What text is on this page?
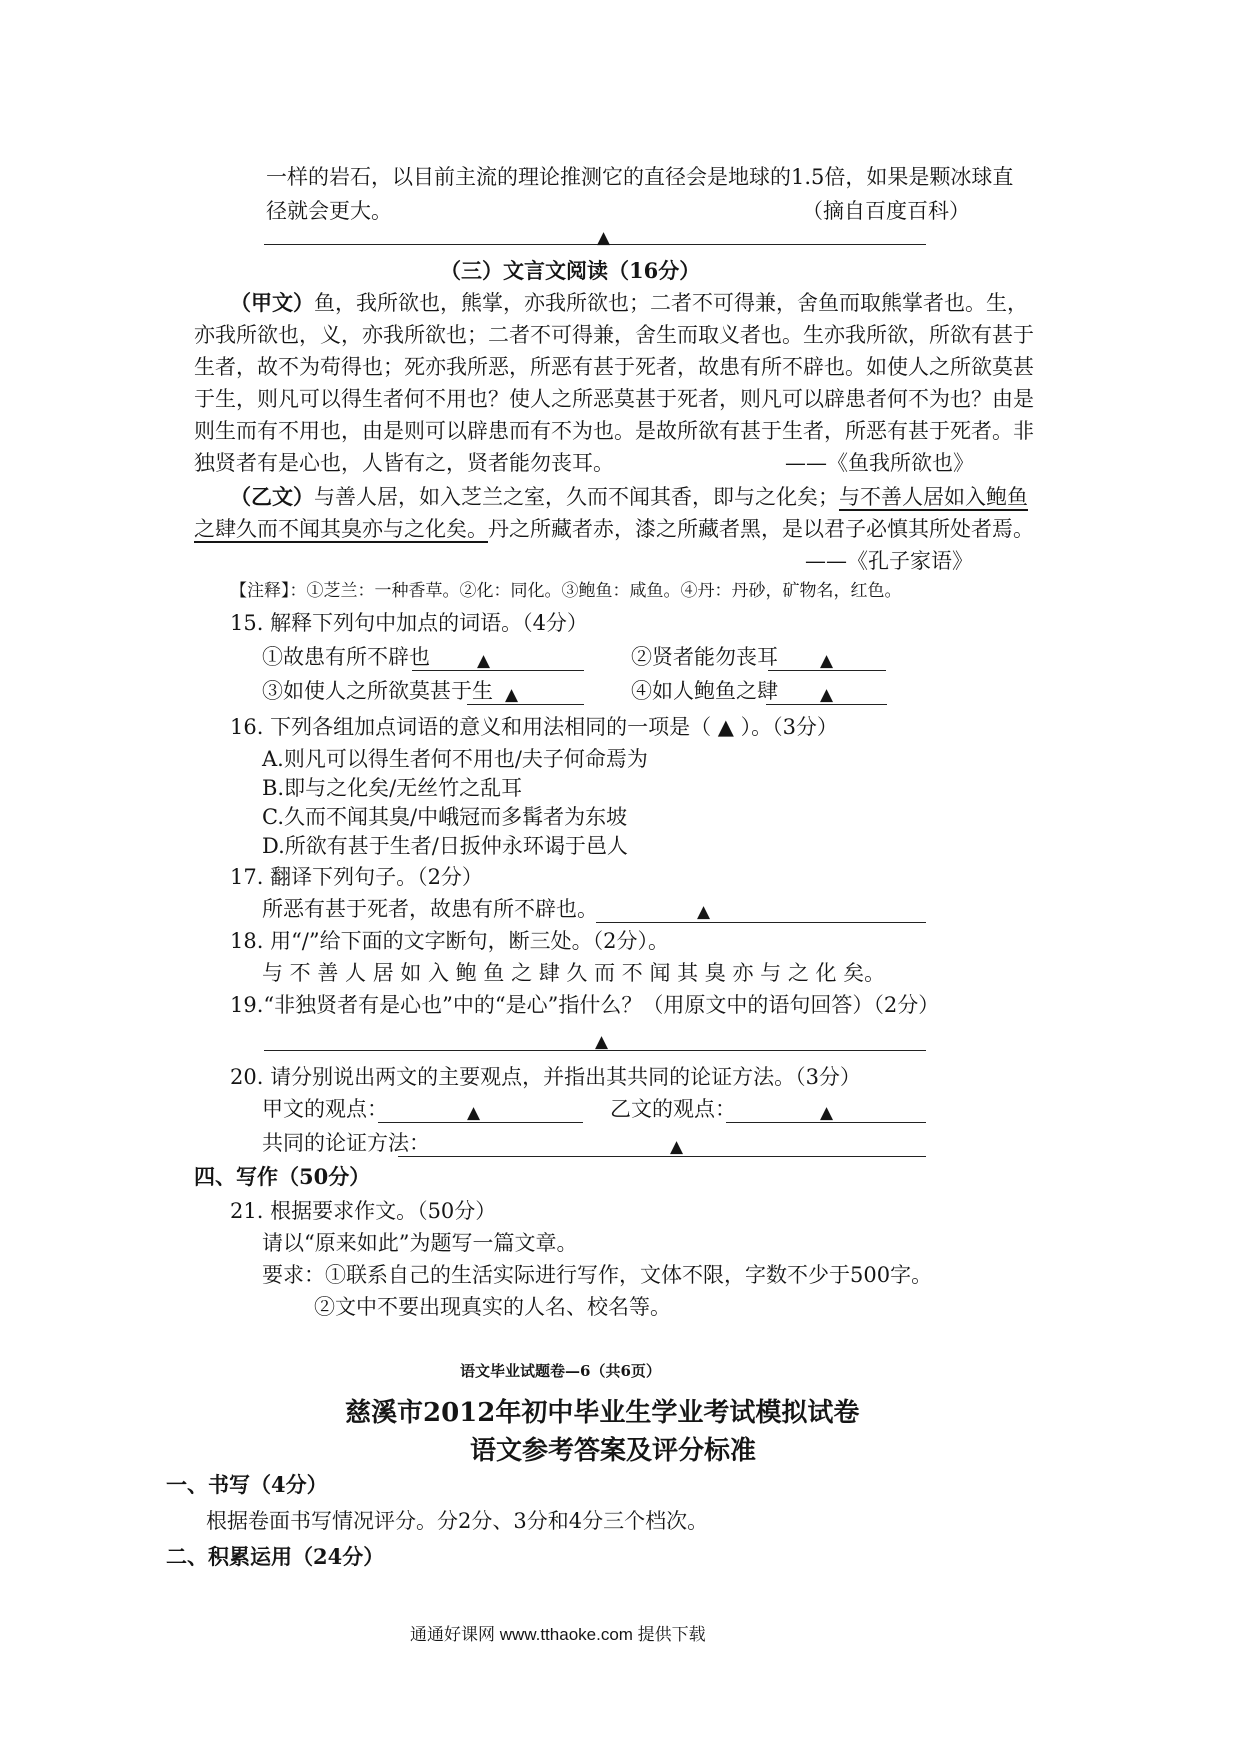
一样的岩石，以目前主流的理论推测它的直径会是地球的1.5倍，如果是颗冰球直
径就会更大。	（摘自百度百科）
▲
（三）文言文阅读（16分）
（甲文）鱼，我所欲也，熊掌，亦我所欲也；二者不可得兼，舍鱼而取熊掌者也。生，
亦我所欲也，义，亦我所欲也；二者不可得兼，舍生而取义者也。生亦我所欲，所欲有甚于
生者，故不为苟得也；死亦我所恶，所恶有甚于死者，故患有所不辟也。如使人之所欲莫甚
于生，则凡可以得生者何不用也？使人之所恶莫甚于死者，则凡可以辟患者何不为也？由是
则生而有不用也，由是则可以辟患而有不为也。是故所欲有甚于生者，所恶有甚于死者。非
独贤者有是心也，人皆有之，贤者能勿丧耳。	——《鱼我所欲也》
（乙文）与善人居，如入芝兰之室，久而不闻其香，即与之化矣；与不善人居如入鲍鱼
之肆久而不闻其臭亦与之化矣。丹之所藏者赤，漆之所藏者黑，是以君子必慎其所处者焉。
——《孔子家语》
【注释】：①芝兰：一种香草。②化：同化。③鲍鱼：咸鱼。④丹：丹砂，矿物名，红色。
15. 解释下列句中加点的词语。（4分）
①故患有所不辟也	▲	②贤者能勿丧耳 ▲
③如使人之所欲莫甚于生 ▲	④如人鲍鱼之肆 ▲
16. 下列各组加点词语的意义和用法相同的一项是（ ▲ ）。（3分）
A.则凡可以得生者何不用也/夫子何命焉为
B.即与之化矣/无丝竹之乱耳
C.久而不闻其臭/中峨冠而多髯者为东坡
D.所欲有甚于生者/日扳仲永环谒于邑人
17. 翻译下列句子。（2分）
所恶有甚于死者，故患有所不辟也。	▲
18. 用“/”给下面的文字断句，断三处。（2分）。
与 不 善 人 居 如 入 鲍 鱼 之 肆 久 而 不 闻 其 臭 亦 与 之 化 矣。
19.“非独贤者有是心也”中的“是心”指什么？（用原文中的语句回答）（2分）
▲
20. 请分别说出两文的主要观点，并指出其共同的论证方法。（3分）
甲文的观点：	▲	乙文的观点：	▲
共同的论证方法：	▲
四、写作（50分）
21. 根据要求作文。（50分）
请以“原来如此”为题写一篇文章。
要求：①联系自己的生活实际进行写作，文体不限，字数不少于500字。
②文中不要出现真实的人名、校名等。
语文毕业试题卷—6（共6页）
慈溪市2012年初中毕业生学业考试模拟试卷
语文参考答案及评分标准
一、书写（4分）
根据卷面书写情况评分。分2分、3分和4分三个档次。
二、积累运用（24分）
通通好课网 www.tthaoke.com 提供下载
